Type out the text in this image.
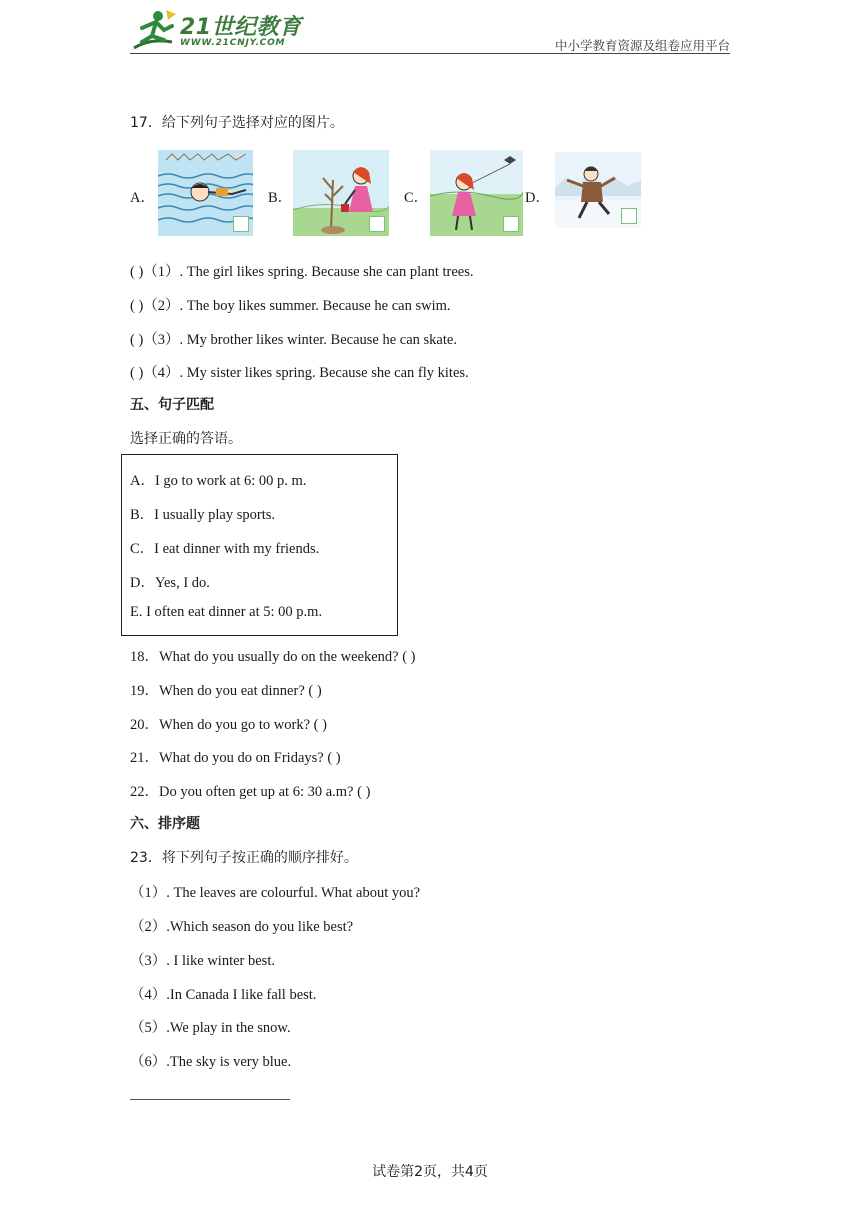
21世纪教育
WWW.21CNJY.COM	中小学教育资源及组卷应用平台
17．给下列句子选择对应的图片。
A．	B．	C．	D．
( )（1）. The girl likes spring. Because she can plant trees.
( )（2）. The boy likes summer. Because he can swim.
( )（3）. My brother likes winter. Because he can skate.
( )（4）. My sister likes spring. Because she can fly kites.
五、句子匹配
选择正确的答语。
A．I go to work at 6: 00 p. m.
B．I usually play sports.
C．I eat dinner with my friends.
D．Yes, I do.
E. I often eat dinner at 5: 00 p.m.
18．What do you usually do on the weekend? ( )
19．When do you eat dinner? ( )
20．When do you go to work? ( )
21．What do you do on Fridays? ( )
22．Do you often get up at 6: 30 a.m? ( )
六、排序题
23．将下列句子按正确的顺序排好。
（1）. The leaves are colourful. What about you?
（2）.Which season do you like best?
（3）. I like winter best.
（4）.In Canada I like fall best.
（5）.We play in the snow.
（6）.The sky is very blue.
试卷第2页，共4页
